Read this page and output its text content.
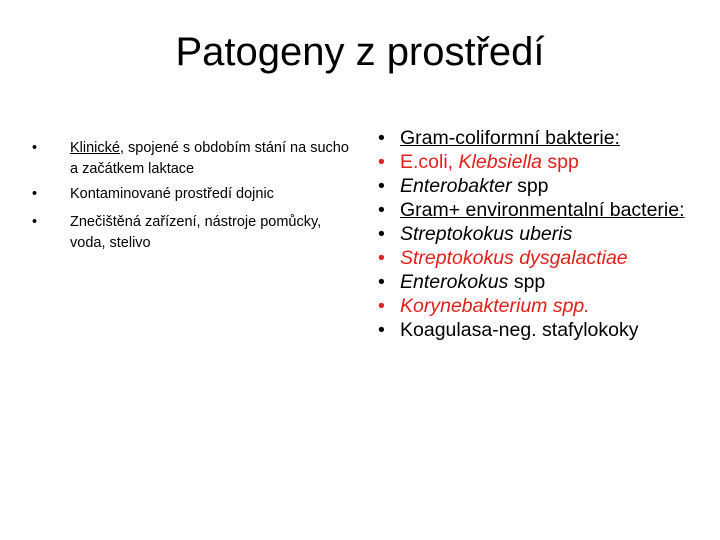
Patogeny z prostředí
• Klinické, spojené s obdobím stání na sucho a začátkem laktace
• Kontaminované prostředí dojnic
• Znečištěná zařízení, nástroje pomůcky, voda, stelivo
• Gram-coliformní bakterie:
• E.coli, Klebsiella spp
• Enterobakter spp
• Gram+ environmentalní bacterie:
• Streptokokus uberis
• Streptokokus dysgalactiae
• Enterokokus spp
• Korynebakterium spp.
• Koagulasa-neg. stafylokoky
